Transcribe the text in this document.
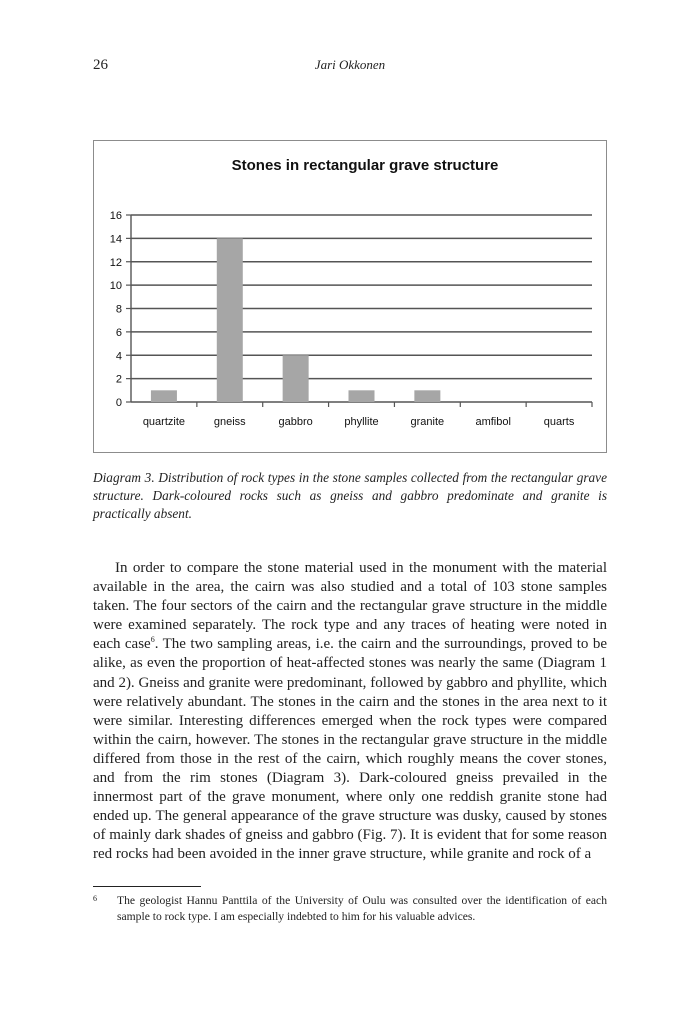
26	Jari Okkonen
Stones in rectangular grave structure
0
2
4
6
8
10
12
14
16
quartzite	gneiss	gabbro	phyllite	granite	amfibol	quarts
Diagram 3. Distribution of rock types in the stone samples collected from the rectangular grave structure. Dark-coloured rocks such as gneiss and gabbro predominate and granite is practically absent.

In order to compare the stone material used in the monument with the material available in the area, the cairn was also studied and a total of 103 stone samples taken. The four sectors of the cairn and the rectangular grave structure in the middle were examined separately. The rock type and any traces of heating were noted in each case$^6$. The two sampling areas, i.e. the cairn and the surroundings, proved to be alike, as even the proportion of heat-affected stones was nearly the same (Diagram 1 and 2). Gneiss and granite were predominant, followed by gabbro and phyllite, which were relatively abundant. The stones in the cairn and the stones in the area next to it were similar. Interesting differences emerged when the rock types were compared within the cairn, however. The stones in the rectangular grave structure in the middle differed from those in the rest of the cairn, which roughly means the cover stones, and from the rim stones (Diagram 3). Dark-coloured gneiss prevailed in the innermost part of the grave monument, where only one reddish granite stone had ended up. The general appearance of the grave structure was dusky, caused by stones of mainly dark shades of gneiss and gabbro (Fig. 7). It is evident that for some reason red rocks had been avoided in the inner grave structure, while granite and rock of a

6	The geologist Hannu Panttila of the University of Oulu was consulted over the identification of each sample to rock type. I am especially indebted to him for his valuable advices.
